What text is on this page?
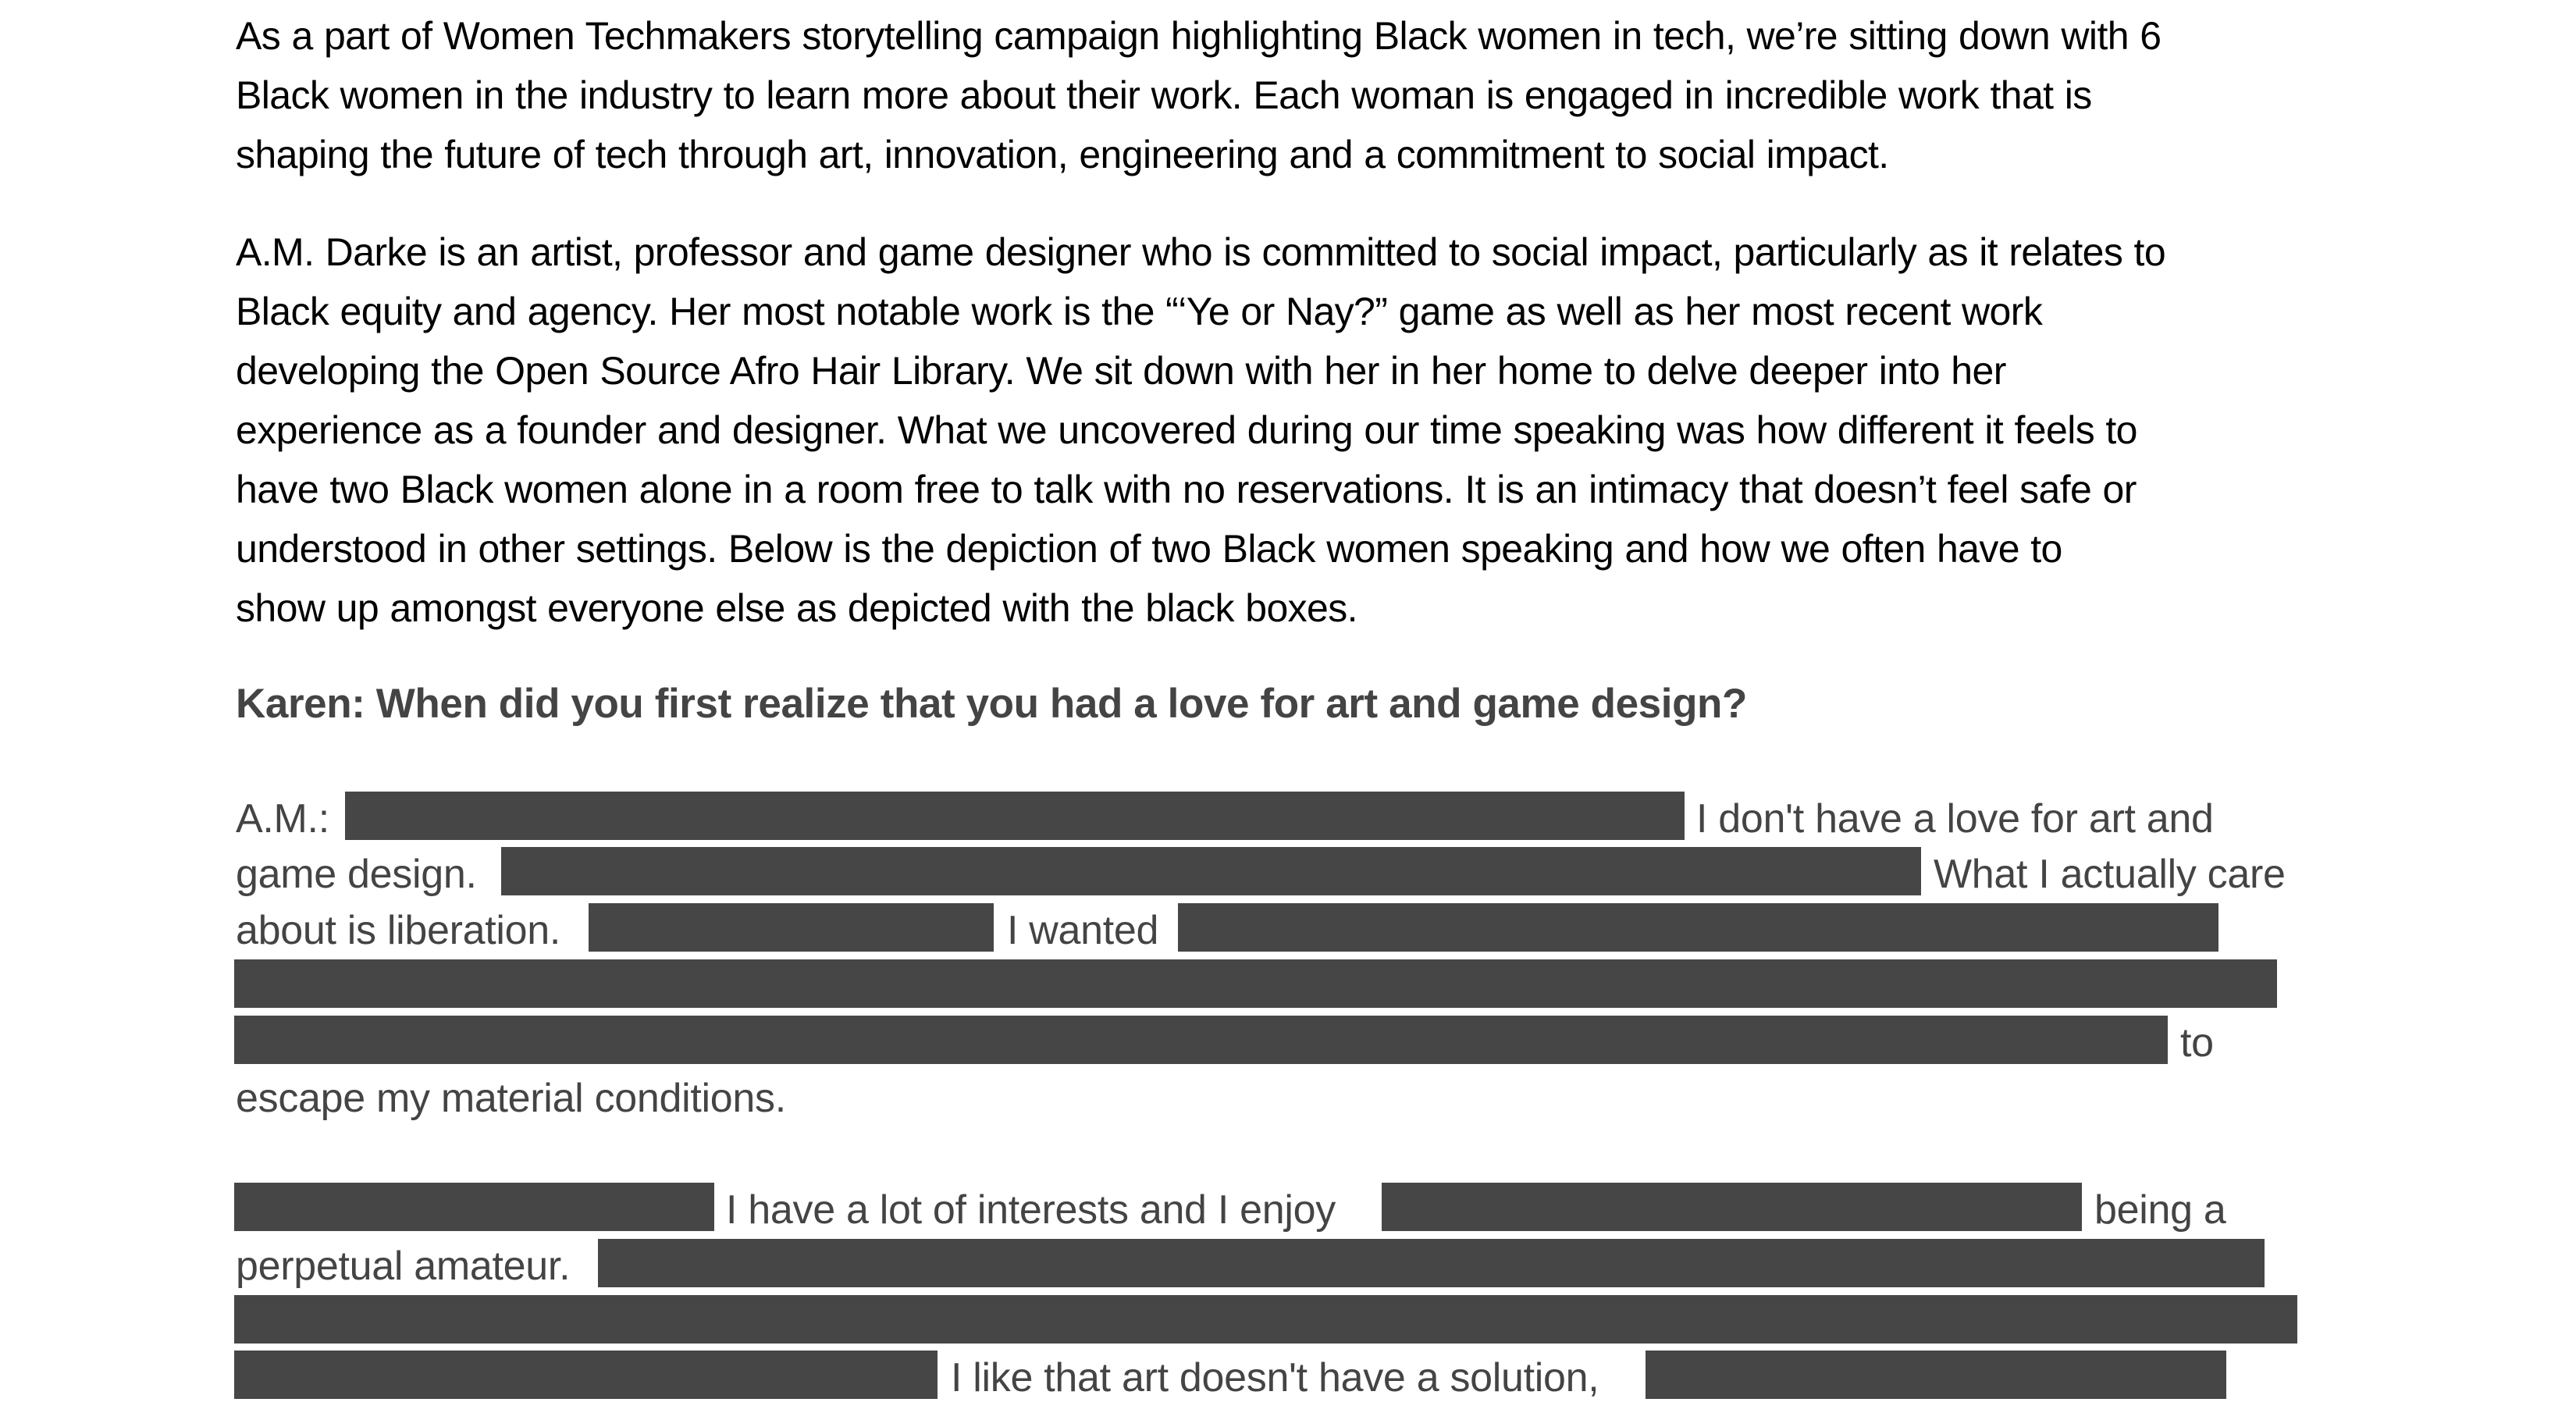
As a part of Women Techmakers storytelling campaign highlighting Black women in tech, we’re sitting down with 6
Black women in the industry to learn more about their work. Each woman is engaged in incredible work that is
shaping the future of tech through art, innovation, engineering and a commitment to social impact.
A.M. Darke is an artist, professor and game designer who is committed to social impact, particularly as it relates to
Black equity and agency. Her most notable work is the “‘Ye or Nay?” game as well as her most recent work
developing the Open Source Afro Hair Library. We sit down with her in her home to delve deeper into her
experience as a founder and designer. What we uncovered during our time speaking was how different it feels to
have two Black women alone in a room free to talk with no reservations. It is an intimacy that doesn’t feel safe or
understood in other settings. Below is the depiction of two Black women speaking and how we often have to
show up amongst everyone else as depicted with the black boxes.
Karen: When did you first realize that you had a love for art and game design?
A.M.:	I don't have a love for art and
game design.	What I actually care
about is liberation.	I wanted
to
escape my material conditions.
I have a lot of interests and I enjoy	being a
perpetual amateur.
I like that art doesn't have a solution,
